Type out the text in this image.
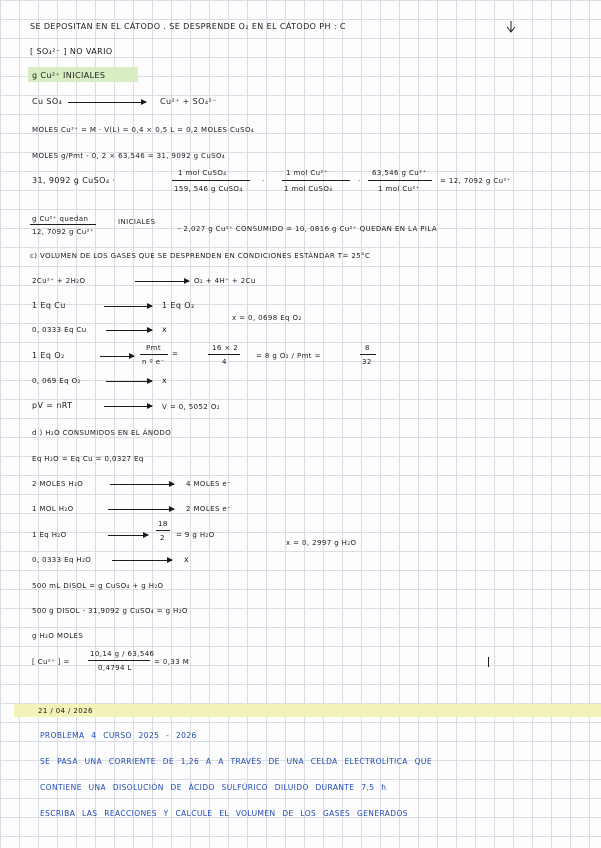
SE DEPOSITAN EN EL CÁTODO . SE DESPRENDE O₂ EN EL CÁTODO PH : C
[ SO₄²⁻ ] NO VARIO
g Cu²⁺ INICIALES
Cu SO₄	Cu²⁺ + SO₄²⁻
MOLES Cu²⁺ = M · V(L) = 0,4 × 0,5 L = 0,2 MOLES CuSO₄
MOLES g/Pmt - 0, 2 × 63,546 = 31, 9092 g CuSO₄
31, 9092 g CuSO₄ ·
1 mol CuSO₄
159, 546 g CuSO₄
·
1 mol Cu²⁺
1 mol CuSO₄
·
63,546 g Cu²⁺
1 mol Cu²⁺
= 12, 7092 g Cu²⁺
g Cu²⁺ quedan
12, 7092 g Cu²⁺
INICIALES
- 2,027 g Cu²⁺ CONSUMIDO = 10, 0816 g Cu²⁺ QUEDAN EN LA PILA
c) VOLUMEN DE LOS GASES QUE SE DESPRENDEN EN CONDICIONES ESTÁNDAR T= 25°C
2Cu²⁺ + 2H₂O	→ O₂ + 4H⁺ + 2Cu
1 Eq Cu → 1 Eq O₂
0, 0333 Eq Cu → x
x = 0, 0698 Eq O₂
1 Eq O₂
Pmt
n º e⁻
=
16 × 2
4
= 8 g O₂ / Pmt =
8
32
0, 069 Eq O₂ → x
pV = nRT → V = 0, 5052 O₂
d ) H₂O CONSUMIDOS EN EL ÁNODO
Eq H₂O = Eq Cu = 0,0327 Eq
2 MOLES H₂O → 4 MOLES e⁻
1 MOL H₂O	2 MOLES e⁻
1 Eq H₂O
18
2 = 9 g H₂O
0, 0333 Eq H₂O → x
x = 0, 2997 g H₂O
500 mL DISOL = g CuSO₄ + g H₂O
500 g DISOL - 31,9092 g CuSO₄ = g H₂O
g H₂O MOLES
[ Cu²⁺ ] =
10,14 g / 63,546
0,4794 L
= 0,33 M
21 / 04 / 2026
PROBLEMA 4 CURSO 2025 - 2026
SE PASA UNA CORRIENTE DE 1,26 A A TRAVÉS DE UNA CELDA ELECTROLÍTICA QUE
CONTIENE UNA DISOLUCIÓN DE ÁCIDO SULFÚRICO DILUIDO DURANTE 7,5 h
ESCRIBA LAS REACCIONES Y CALCULE EL VOLUMEN DE LOS GASES GENERADOS
